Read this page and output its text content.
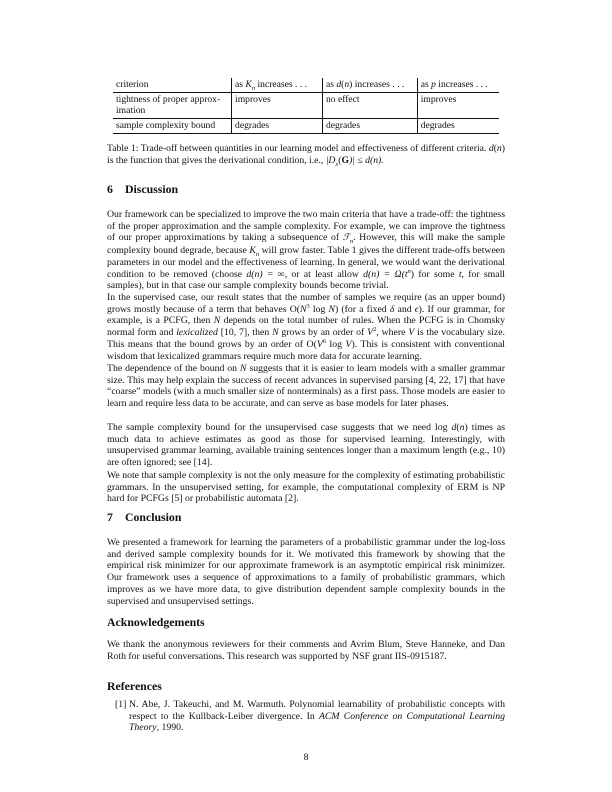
criterion	as $K_n$ increases . . .	as d(n) increases . . .	as p increases . . .
tightness of proper approx-imation	improves	no effect	improves
sample complexity bound	degrades	degrades	degrades
Table 1: Trade-off between quantities in our learning model and effectiveness of different criteria. d(n) is the function that gives the derivational condition, i.e., $|D_x(G)| \le d(n)$.
6 Discussion

Our framework can be specialized to improve the two main criteria that have a trade-off: the tightness of the proper approximation and the sample complexity. For example, we can improve the tightness of our proper approximations by taking a subsequence of ℱ$_n$. However, this will make the sample complexity bound degrade, because $K_n$ will grow faster. Table 1 gives the different trade-offs between parameters in our model and the effectiveness of learning. In general, we would want the derivational condition to be removed (choose d(n) = ∞, or at least allow $d(n) = \Omega(t^n)$ for some t, for small samples), but in that case our sample complexity bounds become trivial.

In the supervised case, our result states that the number of samples we require (as an upper bound) grows mostly because of a term that behaves $O(N^3$ log N) (for a fixed δ and ϵ). If our grammar, for example, is a PCFG, then N depends on the total number of rules. When the PCFG is in Chomsky normal form and lexicalized [10, 7], then N grows by an order of $V^2$, where V is the vocabulary size. This means that the bound grows by an order of $O(V^6$ log V). This is consistent with conventional wisdom that lexicalized grammars require much more data for accurate learning.

The dependence of the bound on N suggests that it is easier to learn models with a smaller grammar size. This may help explain the success of recent advances in supervised parsing [4, 22, 17] that have “coarse” models (with a much smaller size of nonterminals) as a first pass. Those models are easier to learn and require less data to be accurate, and can serve as base models for later phases.

The sample complexity bound for the unsupervised case suggests that we need log d(n) times as much data to achieve estimates as good as those for supervised learning. Interestingly, with unsupervised grammar learning, available training sentences longer than a maximum length (e.g., 10) are often ignored; see [14].

We note that sample complexity is not the only measure for the complexity of estimating probabilistic grammars. In the unsupervised setting, for example, the computational complexity of ERM is NP hard for PCFGs [5] or probabilistic automata [2].

7 Conclusion

We presented a framework for learning the parameters of a probabilistic grammar under the log-loss and derived sample complexity bounds for it. We motivated this framework by showing that the empirical risk minimizer for our approximate framework is an asymptotic empirical risk minimizer. Our framework uses a sequence of approximations to a family of probabilistic grammars, which improves as we have more data, to give distribution dependent sample complexity bounds in the supervised and unsupervised settings.

Acknowledgements

We thank the anonymous reviewers for their comments and Avrim Blum, Steve Hanneke, and Dan Roth for useful conversations. This research was supported by NSF grant IIS-0915187.

References
[1] N. Abe, J. Takeuchi, and M. Warmuth. Polynomial learnability of probabilistic concepts with respect to the Kullback-Leiber divergence. In ACM Conference on Computational Learning Theory, 1990.
8
